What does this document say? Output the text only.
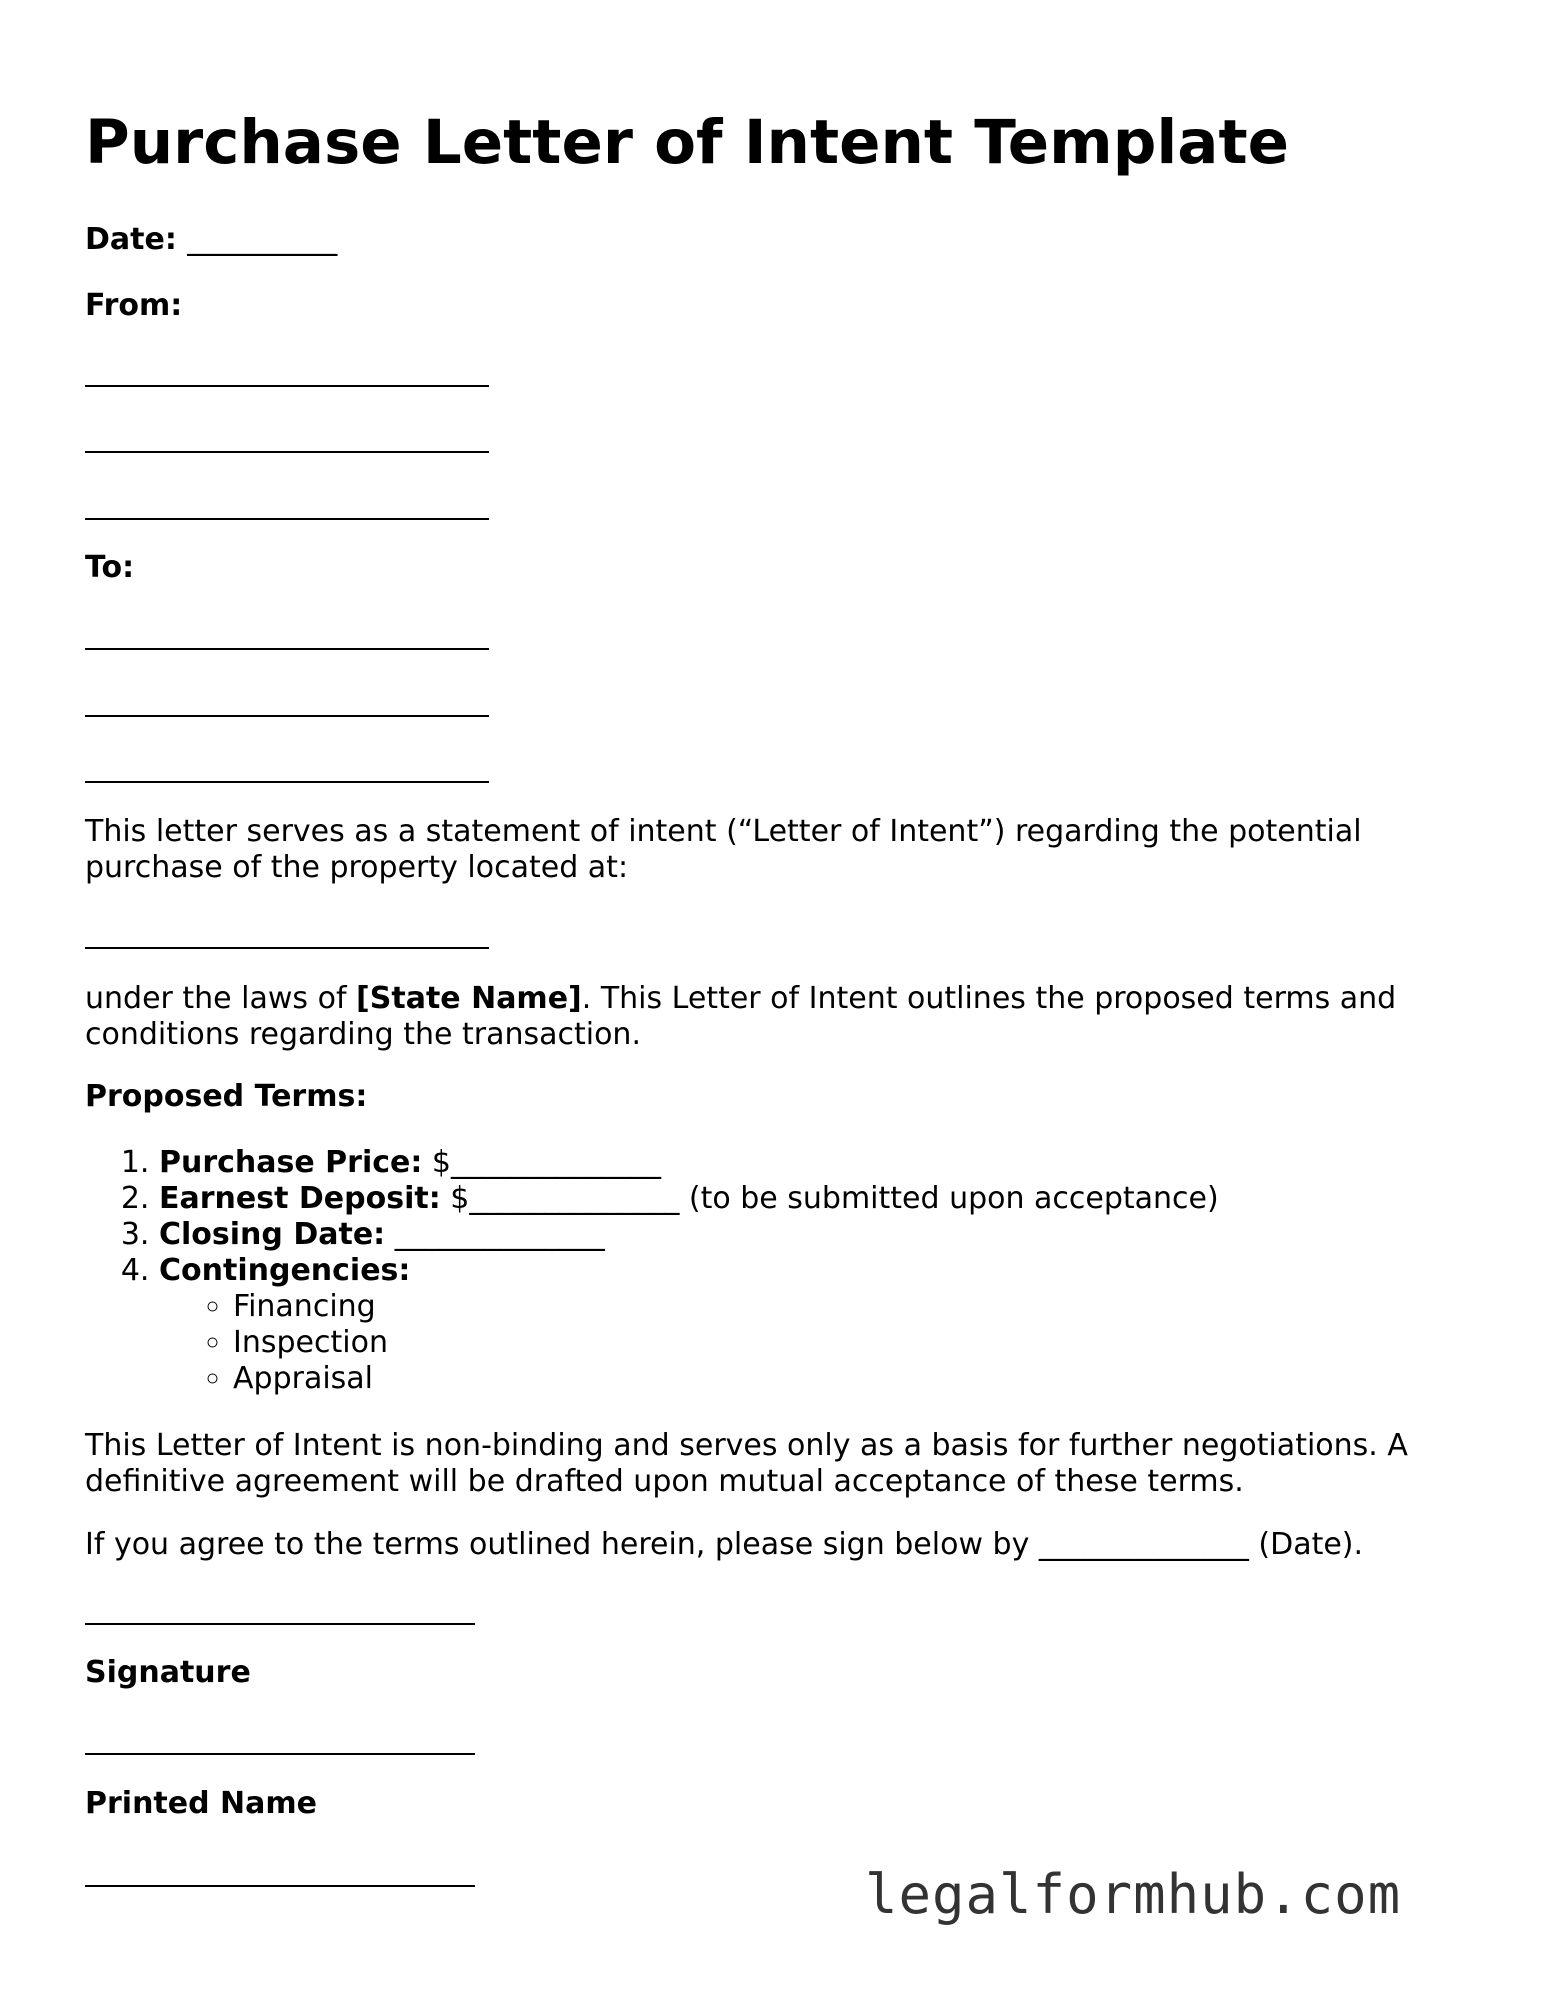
Purchase Letter of Intent Template

Date: __________

From:

To:

This letter serves as a statement of intent (“Letter of Intent”) regarding the potential purchase of the property located at:

under the laws of [State Name]. This Letter of Intent outlines the proposed terms and conditions regarding the transaction.

Proposed Terms:

1. Purchase Price: $______________
2. Earnest Deposit: $______________ (to be submitted upon acceptance)
3. Closing Date: ______________
4. Contingencies:
◦ Financing
◦ Inspection
◦ Appraisal

This Letter of Intent is non-binding and serves only as a basis for further negotiations. A definitive agreement will be drafted upon mutual acceptance of these terms.

If you agree to the terms outlined herein, please sign below by ______________ (Date).

Signature

Printed Name

legalformhub.com
